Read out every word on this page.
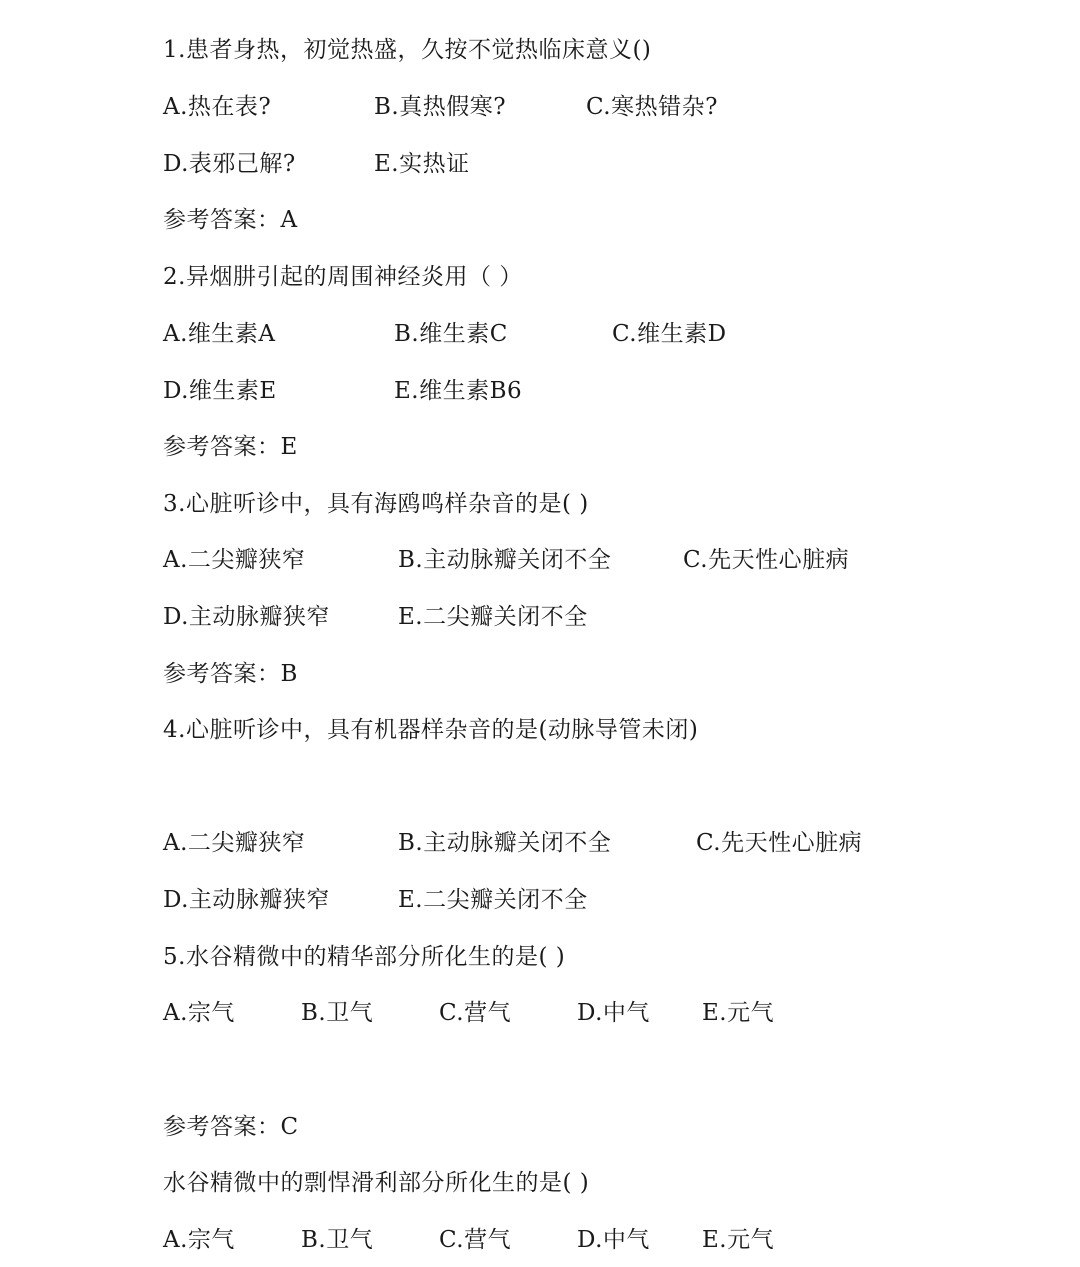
1.患者身热，初觉热盛，久按不觉热临床意义()
A.热在表?	B.真热假寒?	C.寒热错杂?
D.表邪己解?	E.实热证
参考答案：A
2.异烟肼引起的周围神经炎用（ ）
A.维生素A	B.维生素C	C.维生素D
D.维生素E	E.维生素B6
参考答案：E
3.心脏听诊中，具有海鸥鸣样杂音的是( )
A.二尖瓣狭窄	B.主动脉瓣关闭不全	C.先天性心脏病
D.主动脉瓣狭窄	E.二尖瓣关闭不全
参考答案：B
4.心脏听诊中，具有机器样杂音的是(动脉导管未闭)
A.二尖瓣狭窄	B.主动脉瓣关闭不全	C.先天性心脏病
D.主动脉瓣狭窄	E.二尖瓣关闭不全
5.水谷精微中的精华部分所化生的是( )
A.宗气	B.卫气	C.营气	D.中气 E.元气
参考答案：C
水谷精微中的剽悍滑利部分所化生的是( )
A.宗气	B.卫气	C.营气	D.中气 E.元气
